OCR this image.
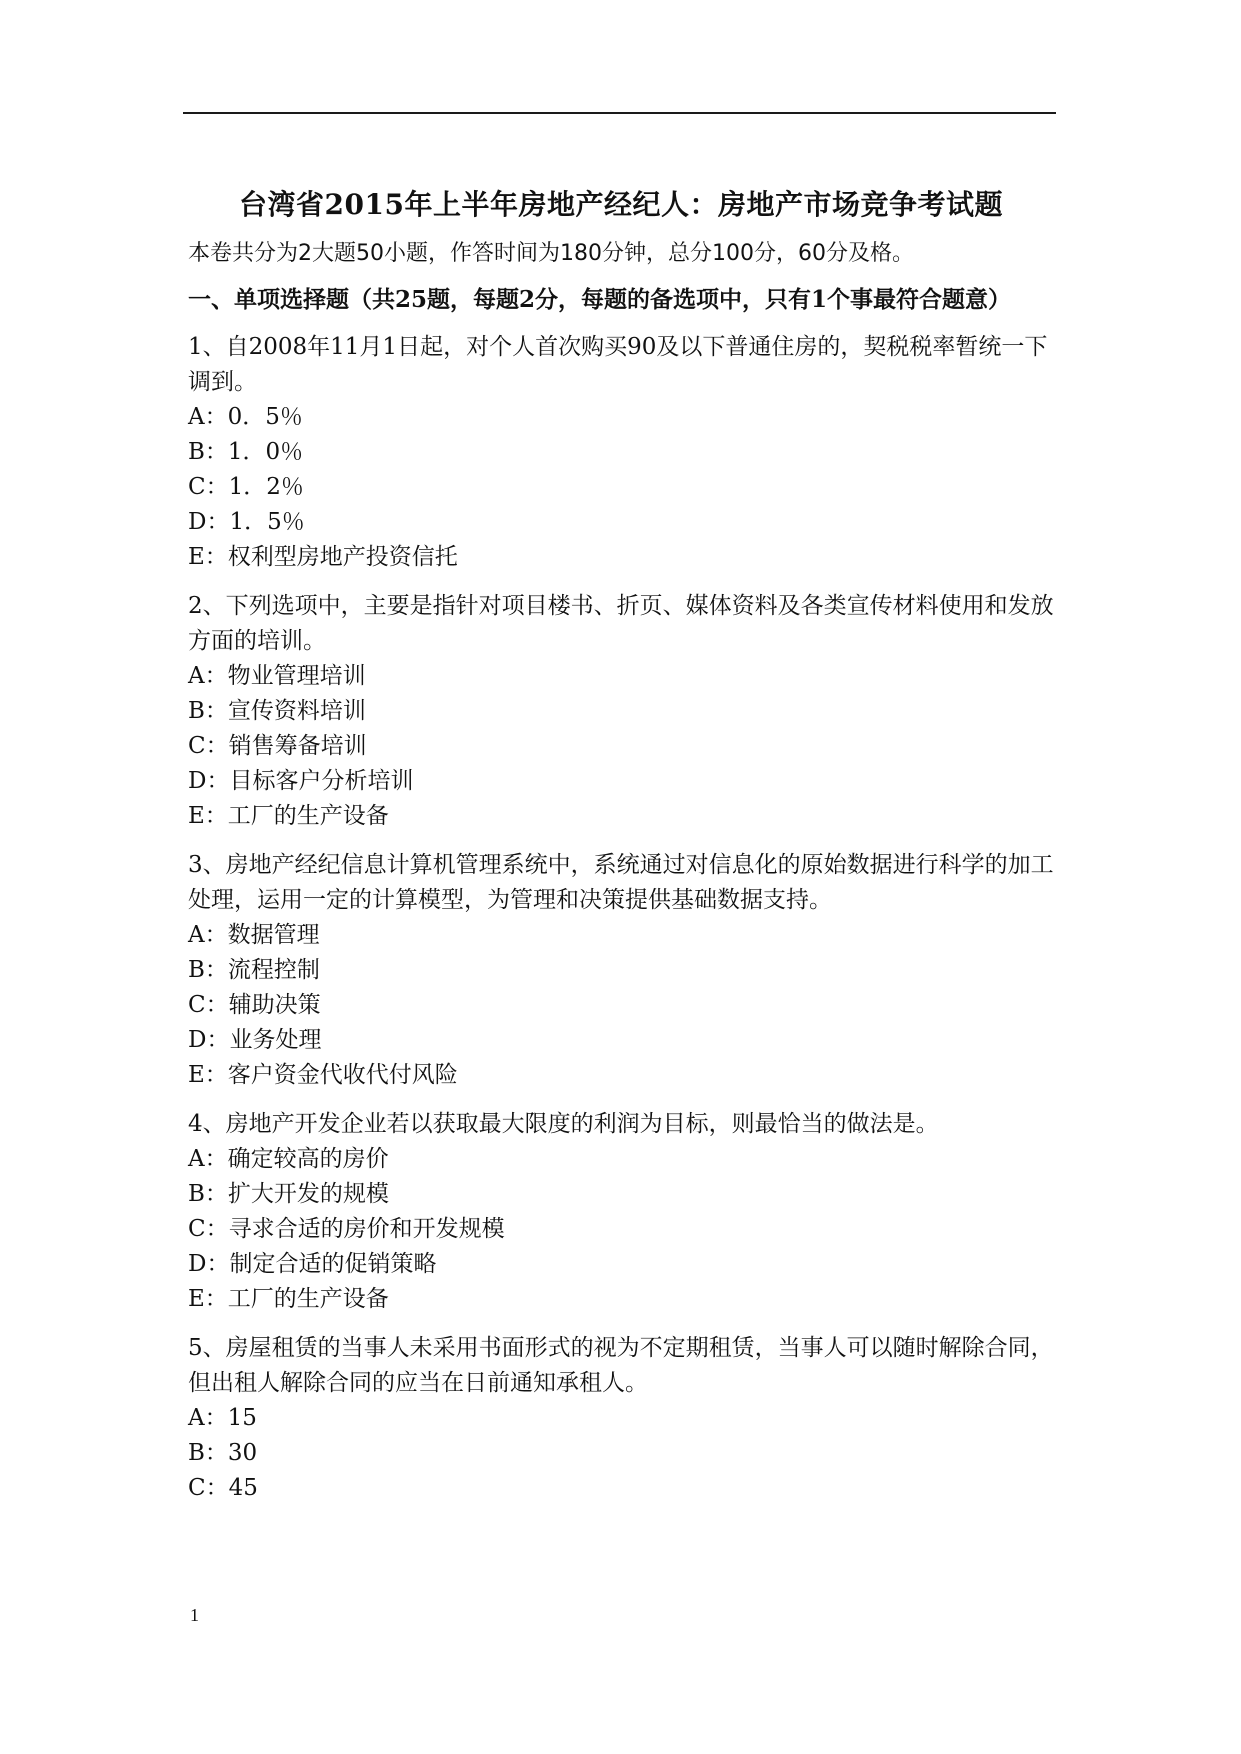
台湾省2015年上半年房地产经纪人：房地产市场竞争考试题
本卷共分为2大题50小题，作答时间为180分钟，总分100分，60分及格。
一、单项选择题（共25题，每题2分，每题的备选项中，只有1个事最符合题意）

1、自2008年11月1日起，对个人首次购买90及以下普通住房的，契税税率暂统一下调到。

A：0．5％

B：1．0％

C：1．2％

D：1．5％

E：权利型房地产投资信托

2、下列选项中，主要是指针对项目楼书、折页、媒体资料及各类宣传材料使用和发放方面的培训。

A：物业管理培训

B：宣传资料培训

C：销售筹备培训

D：目标客户分析培训

E：工厂的生产设备

3、房地产经纪信息计算机管理系统中，系统通过对信息化的原始数据进行科学的加工处理，运用一定的计算模型，为管理和决策提供基础数据支持。

A：数据管理

B：流程控制

C：辅助决策

D：业务处理

E：客户资金代收代付风险

4、房地产开发企业若以获取最大限度的利润为目标，则最恰当的做法是。

A：确定较高的房价

B：扩大开发的规模

C：寻求合适的房价和开发规模

D：制定合适的促销策略

E：工厂的生产设备

5、房屋租赁的当事人未采用书面形式的视为不定期租赁，当事人可以随时解除合同，但出租人解除合同的应当在日前通知承租人。

A：15

B：30

C：45

1
